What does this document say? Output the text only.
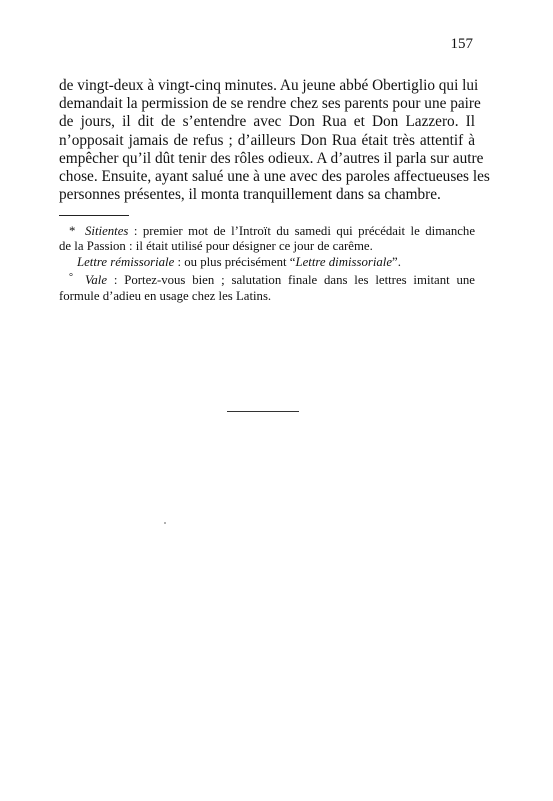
157
de vingt-deux à vingt-cinq minutes. Au jeune abbé Obertiglio qui lui
demandait la permission de se rendre chez ses parents pour une paire
de jours, il dit de s’entendre avec Don Rua et Don Lazzero. Il
n’opposait jamais de refus ; d’ailleurs Don Rua était très attentif à
empêcher qu’il dût tenir des rôles odieux. A d’autres il parla sur autre
chose. Ensuite, ayant salué une à une avec des paroles affectueuses les
personnes présentes, il monta tranquillement dans sa chambre.
* Sitientes : premier mot de l’Introït du samedi qui précédait le dimanche
de la Passion : il était utilisé pour désigner ce jour de carême.
Lettre rémissoriale : ou plus précisément “Lettre dimissoriale”.
° Vale : Portez-vous bien ; salutation finale dans les lettres imitant une
formule d’adieu en usage chez les Latins.
